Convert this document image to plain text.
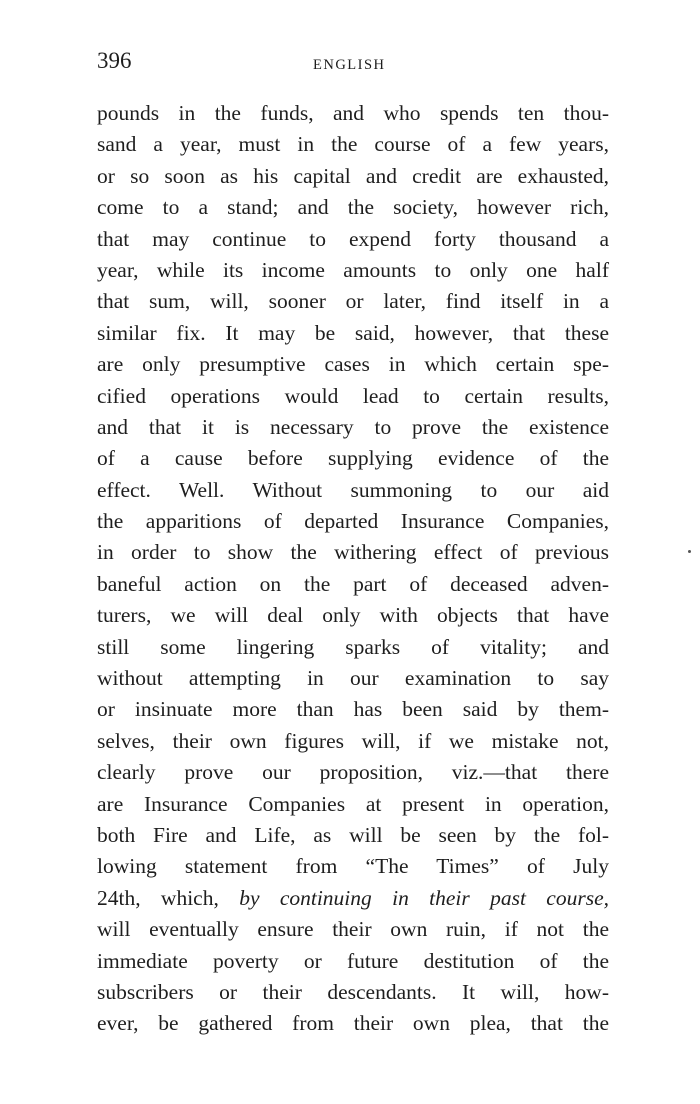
396	ENGLISH
pounds in the funds, and who spends ten thou-
sand a year, must in the course of a few years,
or so soon as his capital and credit are exhausted,
come to a stand; and the society, however rich,
that may continue to expend forty thousand a
year, while its income amounts to only one half
that sum, will, sooner or later, find itself in a
similar fix. It may be said, however, that these
are only presumptive cases in which certain spe-
cified operations would lead to certain results,
and that it is necessary to prove the existence
of a cause before supplying evidence of the
effect. Well. Without summoning to our aid
the apparitions of departed Insurance Companies,
in order to show the withering effect of previous
baneful action on the part of deceased adven-
turers, we will deal only with objects that have
still some lingering sparks of vitality; and
without attempting in our examination to say
or insinuate more than has been said by them-
selves, their own figures will, if we mistake not,
clearly prove our proposition, viz.—that there
are Insurance Companies at present in operation,
both Fire and Life, as will be seen by the fol-
lowing statement from “The Times” of July
24th, which, by continuing in their past course,
will eventually ensure their own ruin, if not the
immediate poverty or future destitution of the
subscribers or their descendants. It will, how-
ever, be gathered from their own plea, that the
